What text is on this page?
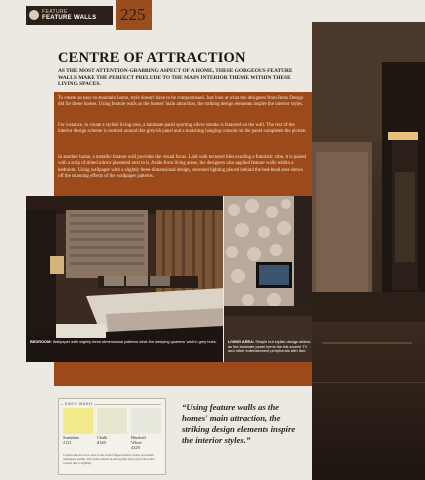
FEATURE
FEATURE WALLS 225
CENTRE OF ATTRACTION
AS THE MOST ATTENTION-GRABBING ASPECT OF A HOME, THESE GORGEOUS FEATURE WALLS MAKE THE PERFECT PRELUDE TO THE MAIN INTERIOR THEME WITHIN THESE LIVING SPACES.

To create an easy-to-maintain home, style doesn't have to be compromised. Just look at what the designers from Renz Design did for these homes. Using feature walls as the homes' main attraction, the striking design elements inspire the interior styles.

For instance, to create a stylish living area, a laminate panel sporting silver streaks is featured on the wall. The rest of the interior design scheme is centred around this greyish panel and a matching hanging console on the panel completes the picture.

In another home, a metallic feature wall provides the visual focus. Laid with textured tiles exuding a futuristic vibe, it is paired with a strip of tinted mirror plastered next to it. Aside from living areas, the designers also applied feature walls within a bedroom. Using wallpaper with a slightly three-dimensional design, recessed lighting placed behind the bed-head area shows off the stunning effects of the wallpaper patterns.

BEDROOM: Wallpaper with slightly three-dimensional patterns deck the sleeping quarters' wall in grey hues.	LIVING AREA: Simple but stylish design strikes as the laminate panel hems the flat-screen TV and other entertainment peripherals with flair.

EASY WASH
Sunshine
2121
Chalk
8340
Bluebell
White
4329
Colours shown are as close to the actual Nippon Paint Colours as modern techniques permit. All colours shown in photograph may vary from actual colours due to lighting.
“Using feature walls as the homes' main attraction, the striking design elements inspire the interior styles.”
